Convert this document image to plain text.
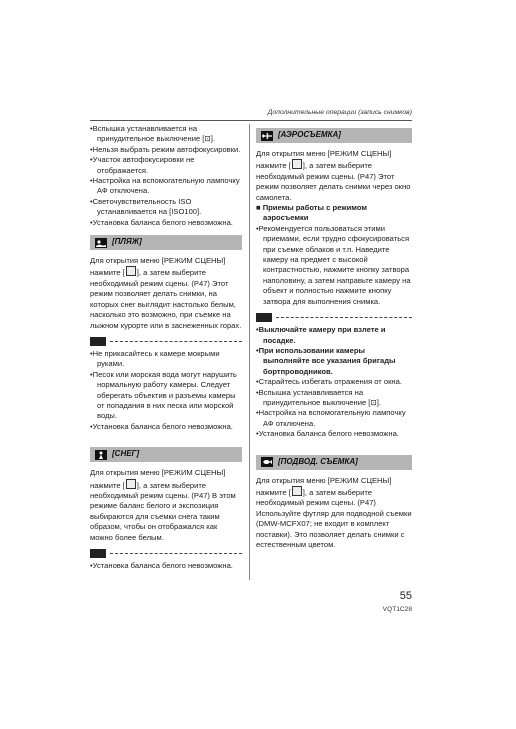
Дополнительные операции (запись снимков)

•Вспышка устанавливается на принудительное выключение [⊡].

•Нельзя выбрать режим автофокусировки.

•Участок автофокусировки не отображается.

•Настройка на вспомогательную лампочку АФ отключена.

•Светочувствительность ISO устанавливается на [ISO100].

•Установка баланса белого невозможна.

[ПЛЯЖ]

Для открытия меню [РЕЖИМ СЦЕНЫ] нажмите [ ], а затем выберите необходимый режим сцены. (P47) Этот режим позволяет делать снимки, на которых снег выглядит настолько белым, насколько это возможно, при съемке на лыжном курорте или в заснеженных горах.

•Не прикасайтесь к камере мокрыми руками.

•Песок или морская вода могут нарушить нормальную работу камеры. Следует оберегать объектив и разъемы камеры от попадания в них песка или морской воды.

•Установка баланса белого невозможна.

[СНЕГ]

Для открытия меню [РЕЖИМ СЦЕНЫ] нажмите [ ], а затем выберите необходимый режим сцены. (P47) В этом режиме баланс белого и экспозиция выбираются для съемки снега таким образом, чтобы он отображался как можно более белым.

•Установка баланса белого невозможна.

[АЭРОСЪЕМКА]

Для открытия меню [РЕЖИМ СЦЕНЫ] нажмите [ ], а затем выберите необходимый режим сцены. (P47) Этот режим позволяет делать снимки через окно самолета.

■ Приемы работы с режимом аэросъемки

•Рекомендуется пользоваться этими приемами, если трудно сфокусироваться при съемке облаков и т.п. Наведите камеру на предмет с высокой контрастностью, нажмите кнопку затвора наполовину, а затем направьте камеру на объект и полностью нажмите кнопку затвора для выполнения снимка.

•Выключайте камеру при взлете и посадке.

•При использовании камеры выполняйте все указания бригады бортпроводников.

•Старайтесь избегать отражения от окна.

•Вспышка устанавливается на принудительное выключение [⊡].

•Настройка на вспомогательную лампочку АФ отключена.

•Установка баланса белого невозможна.

[ПОДВОД. СЪЕМКА]

Для открытия меню [РЕЖИМ СЦЕНЫ] нажмите [ ], а затем выберите необходимый режим сцены. (P47) Используйте футляр для подводной съемки (DMW-MCFX07; не входит в комплект поставки). Это позволяет делать снимки с естественным цветом.

55
VQT1C28
